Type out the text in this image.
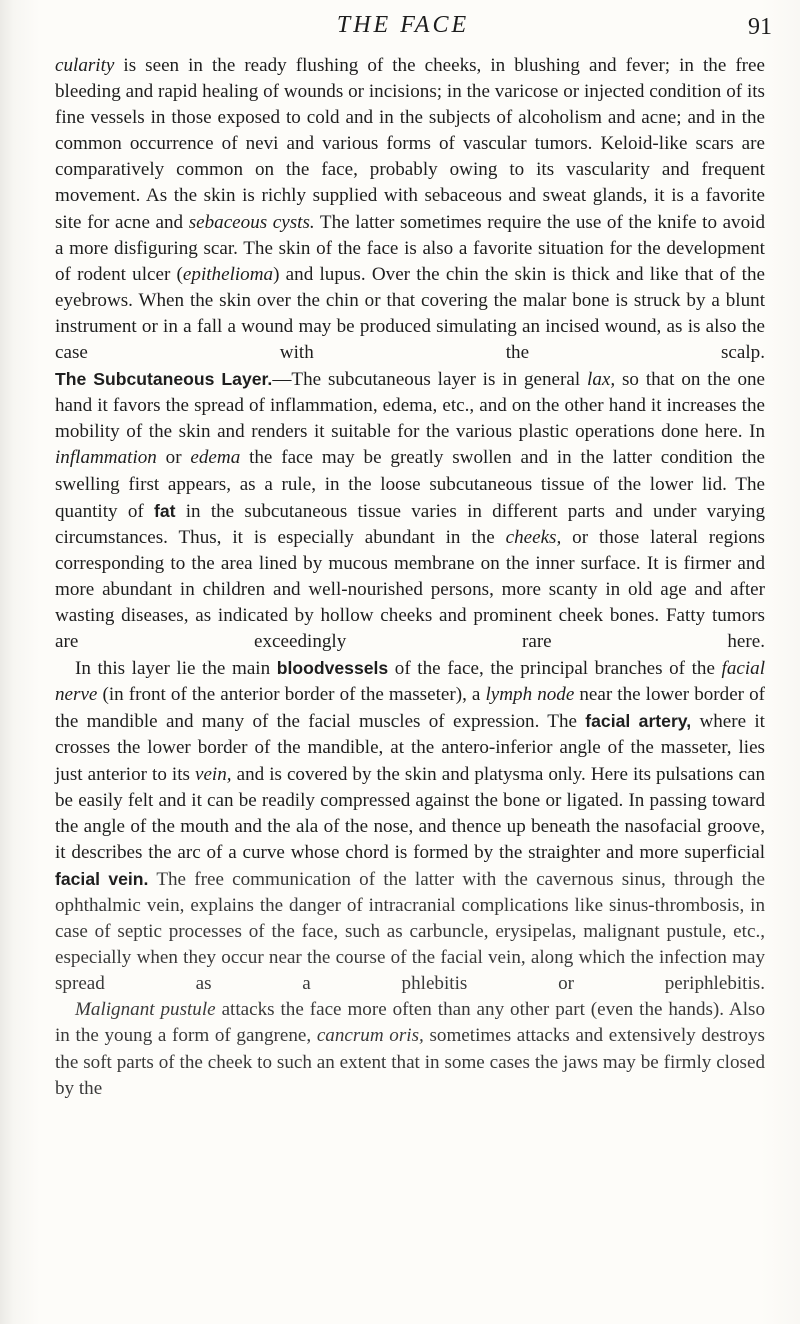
THE FACE	91

cularity is seen in the ready flushing of the cheeks, in blushing and fever; in the free bleeding and rapid healing of wounds or incisions; in the varicose or injected condition of its fine vessels in those exposed to cold and in the subjects of alcoholism and acne; and in the common occurrence of nevi and various forms of vascular tumors. Keloid-like scars are comparatively common on the face, probably owing to its vascularity and frequent movement. As the skin is richly supplied with sebaceous and sweat glands, it is a favorite site for acne and sebaceous cysts. The latter sometimes require the use of the knife to avoid a more disfiguring scar. The skin of the face is also a favorite situation for the development of rodent ulcer (epithelioma) and lupus. Over the chin the skin is thick and like that of the eyebrows. When the skin over the chin or that covering the malar bone is struck by a blunt instrument or in a fall a wound may be produced simulating an incised wound, as is also the case with the scalp.

The Subcutaneous Layer.—The subcutaneous layer is in general lax, so that on the one hand it favors the spread of inflammation, edema, etc., and on the other hand it increases the mobility of the skin and renders it suitable for the various plastic operations done here. In inflammation or edema the face may be greatly swollen and in the latter condition the swelling first appears, as a rule, in the loose subcutaneous tissue of the lower lid. The quantity of fat in the subcutaneous tissue varies in different parts and under varying circumstances. Thus, it is especially abundant in the cheeks, or those lateral regions corresponding to the area lined by mucous membrane on the inner surface. It is firmer and more abundant in children and well-nourished persons, more scanty in old age and after wasting diseases, as indicated by hollow cheeks and prominent cheek bones. Fatty tumors are exceedingly rare here.

In this layer lie the main bloodvessels of the face, the principal branches of the facial nerve (in front of the anterior border of the masseter), a lymph node near the lower border of the mandible and many of the facial muscles of expression. The facial artery, where it crosses the lower border of the mandible, at the antero-inferior angle of the masseter, lies just anterior to its vein, and is covered by the skin and platysma only. Here its pulsations can be easily felt and it can be readily compressed against the bone or ligated. In passing toward the angle of the mouth and the ala of the nose, and thence up beneath the nasofacial groove, it describes the arc of a curve whose chord is formed by the straighter and more superficial facial vein. The free communication of the latter with the cavernous sinus, through the ophthalmic vein, explains the danger of intracranial complications like sinus-thrombosis, in case of septic processes of the face, such as carbuncle, erysipelas, malignant pustule, etc., especially when they occur near the course of the facial vein, along which the infection may spread as a phlebitis or periphlebitis.

Malignant pustule attacks the face more often than any other part (even the hands). Also in the young a form of gangrene, cancrum oris, sometimes attacks and extensively destroys the soft parts of the cheek to such an extent that in some cases the jaws may be firmly closed by the
